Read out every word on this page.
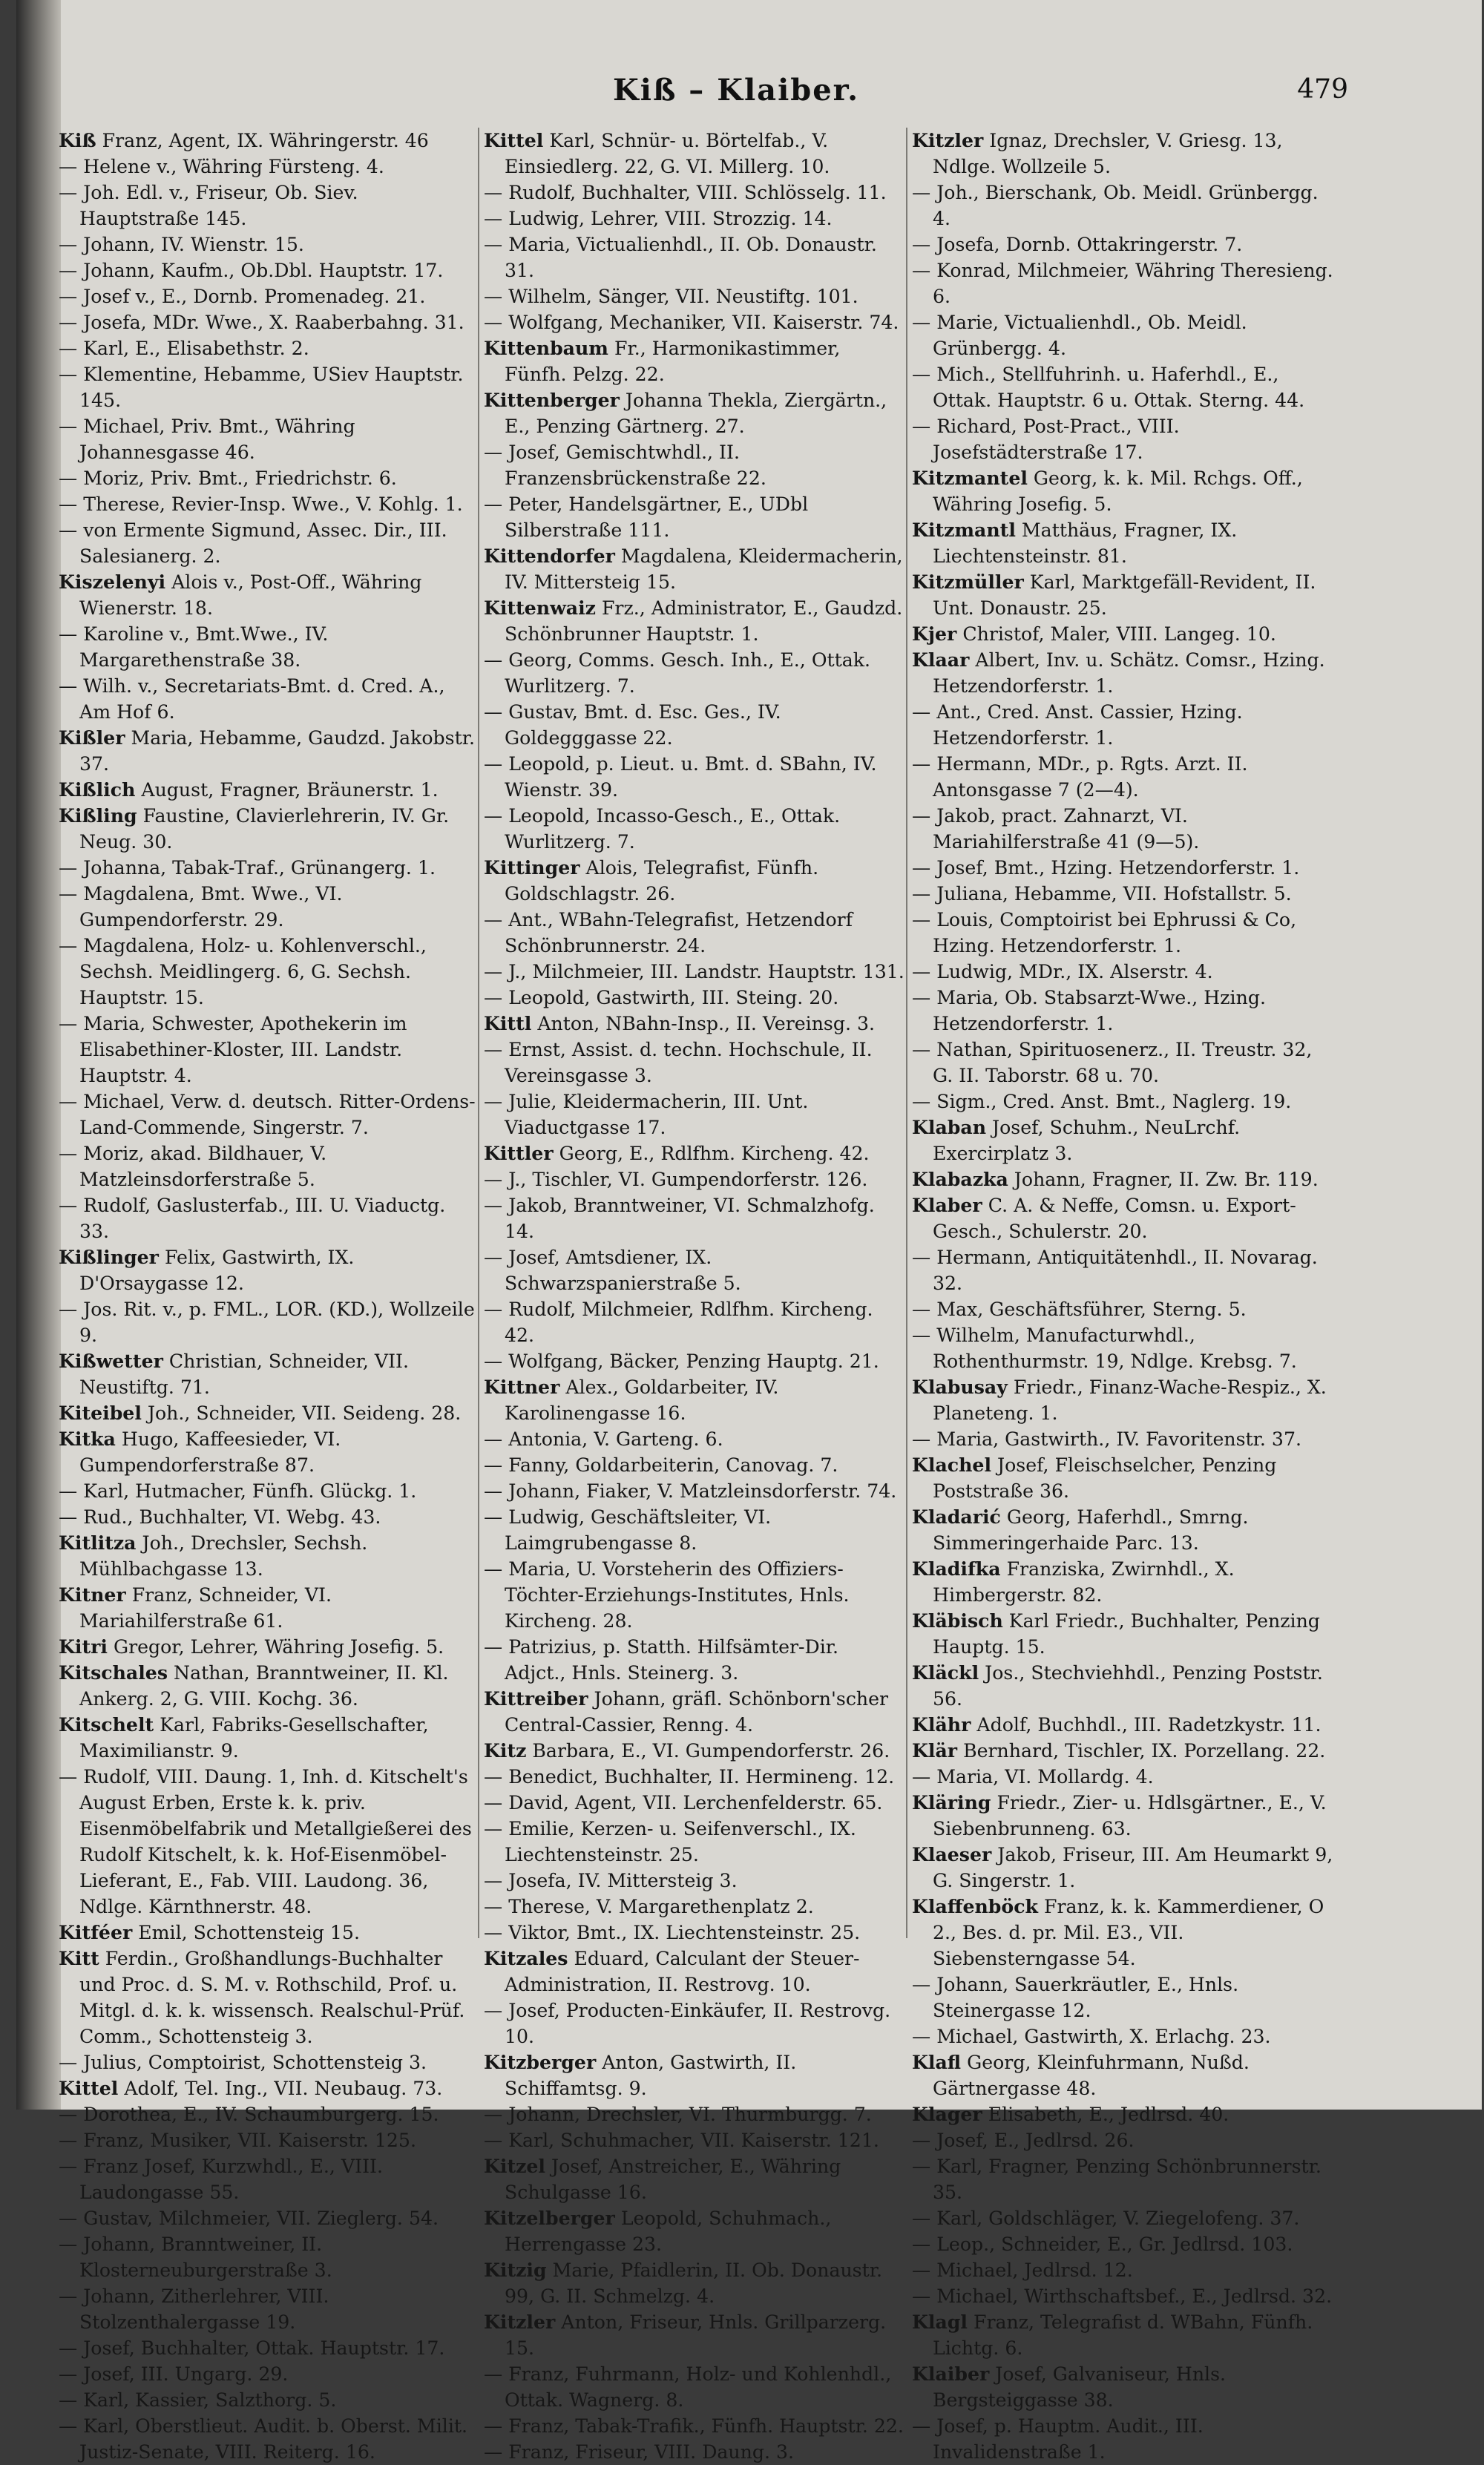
Kiß – Klaiber.	479

Kiß Franz, Agent, IX. Währingerstr. 46

— Helene v., Währing Fürsteng. 4.

— Joh. Edl. v., Friseur, Ob. Siev. Hauptstraße 145.

— Johann, IV. Wienstr. 15.

— Johann, Kaufm., Ob.Dbl. Hauptstr. 17.

— Josef v., E., Dornb. Promenadeg. 21.

— Josefa, MDr. Wwe., X. Raaberbahng. 31.

— Karl, E., Elisabethstr. 2.

— Klementine, Hebamme, USiev Hauptstr. 145.

— Michael, Priv. Bmt., Währing Johannesgasse 46.

— Moriz, Priv. Bmt., Friedrichstr. 6.

— Therese, Revier-Insp. Wwe., V. Kohlg. 1.

— von Ermente Sigmund, Assec. Dir., III. Salesianerg. 2.

Kiszelenyi Alois v., Post-Off., Währing Wienerstr. 18.

— Karoline v., Bmt.Wwe., IV. Margarethenstraße 38.

— Wilh. v., Secretariats-Bmt. d. Cred. A., Am Hof 6.

Kißler Maria, Hebamme, Gaudzd. Jakobstr. 37.

Kißlich August, Fragner, Bräunerstr. 1.

Kißling Faustine, Clavierlehrerin, IV. Gr. Neug. 30.

— Johanna, Tabak-Traf., Grünangerg. 1.

— Magdalena, Bmt. Wwe., VI. Gumpendorferstr. 29.

— Magdalena, Holz- u. Kohlenverschl., Sechsh. Meidlingerg. 6, G. Sechsh. Hauptstr. 15.

— Maria, Schwester, Apothekerin im Elisabethiner-Kloster, III. Landstr. Hauptstr. 4.

— Michael, Verw. d. deutsch. Ritter-Ordens-Land-Commende, Singerstr. 7.

— Moriz, akad. Bildhauer, V. Matzleinsdorferstraße 5.

— Rudolf, Gaslusterfab., III. U. Viaductg. 33.

Kißlinger Felix, Gastwirth, IX. D'Orsaygasse 12.

— Jos. Rit. v., p. FML., LOR. (KD.), Wollzeile 9.

Kißwetter Christian, Schneider, VII. Neustiftg. 71.

Kiteibel Joh., Schneider, VII. Seideng. 28.

Kitka Hugo, Kaffeesieder, VI. Gumpendorferstraße 87.

— Karl, Hutmacher, Fünfh. Glückg. 1.

— Rud., Buchhalter, VI. Webg. 43.

Kitlitza Joh., Drechsler, Sechsh. Mühlbachgasse 13.

Kitner Franz, Schneider, VI. Mariahilferstraße 61.

Kitri Gregor, Lehrer, Währing Josefig. 5.

Kitschales Nathan, Branntweiner, II. Kl. Ankerg. 2, G. VIII. Kochg. 36.

Kitschelt Karl, Fabriks-Gesellschafter, Maximilianstr. 9.

— Rudolf, VIII. Daung. 1, Inh. d. Kitschelt's August Erben, Erste k. k. priv. Eisenmöbelfabrik und Metallgießerei des Rudolf Kitschelt, k. k. Hof-Eisenmöbel-Lieferant, E., Fab. VIII. Laudong. 36, Ndlge. Kärnthnerstr. 48.

Kitféer Emil, Schottensteig 15.

Kitt Ferdin., Großhandlungs-Buchhalter und Proc. d. S. M. v. Rothschild, Prof. u. Mitgl. d. k. k. wissensch. Realschul-Prüf. Comm., Schottensteig 3.

— Julius, Comptoirist, Schottensteig 3.

Kittel Adolf, Tel. Ing., VII. Neubaug. 73.

— Dorothea, E., IV. Schaumburgerg. 15.

— Franz, Musiker, VII. Kaiserstr. 125.

— Franz Josef, Kurzwhdl., E., VIII. Laudongasse 55.

— Gustav, Milchmeier, VII. Zieglerg. 54.

— Johann, Branntweiner, II. Klosterneuburgerstraße 3.

— Johann, Zitherlehrer, VIII. Stolzenthalergasse 19.

— Josef, Buchhalter, Ottak. Hauptstr. 17.

— Josef, III. Ungarg. 29.

— Karl, Kassier, Salzthorg. 5.

— Karl, Oberstlieut. Audit. b. Oberst. Milit. Justiz-Senate, VIII. Reiterg. 16.

Kittel Karl, Schnür- u. Börtelfab., V. Einsiedlerg. 22, G. VI. Millerg. 10.

— Rudolf, Buchhalter, VIII. Schlösselg. 11.

— Ludwig, Lehrer, VIII. Strozzig. 14.

— Maria, Victualienhdl., II. Ob. Donaustr. 31.

— Wilhelm, Sänger, VII. Neustiftg. 101.

— Wolfgang, Mechaniker, VII. Kaiserstr. 74.

Kittenbaum Fr., Harmonikastimmer, Fünfh. Pelzg. 22.

Kittenberger Johanna Thekla, Ziergärtn., E., Penzing Gärtnerg. 27.

— Josef, Gemischtwhdl., II. Franzensbrückenstraße 22.

— Peter, Handelsgärtner, E., UDbl Silberstraße 111.

Kittendorfer Magdalena, Kleidermacherin, IV. Mittersteig 15.

Kittenwaiz Frz., Administrator, E., Gaudzd. Schönbrunner Hauptstr. 1.

— Georg, Comms. Gesch. Inh., E., Ottak. Wurlitzerg. 7.

— Gustav, Bmt. d. Esc. Ges., IV. Goldegggasse 22.

— Leopold, p. Lieut. u. Bmt. d. SBahn, IV. Wienstr. 39.

— Leopold, Incasso-Gesch., E., Ottak. Wurlitzerg. 7.

Kittinger Alois, Telegrafist, Fünfh. Goldschlagstr. 26.

— Ant., WBahn-Telegrafist, Hetzendorf Schönbrunnerstr. 24.

— J., Milchmeier, III. Landstr. Hauptstr. 131.

— Leopold, Gastwirth, III. Steing. 20.

Kittl Anton, NBahn-Insp., II. Vereinsg. 3.

— Ernst, Assist. d. techn. Hochschule, II. Vereinsgasse 3.

— Julie, Kleidermacherin, III. Unt. Viaductgasse 17.

Kittler Georg, E., Rdlfhm. Kircheng. 42.

— J., Tischler, VI. Gumpendorferstr. 126.

— Jakob, Branntweiner, VI. Schmalzhofg. 14.

— Josef, Amtsdiener, IX. Schwarzspanierstraße 5.

— Rudolf, Milchmeier, Rdlfhm. Kircheng. 42.

— Wolfgang, Bäcker, Penzing Hauptg. 21.

Kittner Alex., Goldarbeiter, IV. Karolinengasse 16.

— Antonia, V. Garteng. 6.

— Fanny, Goldarbeiterin, Canovag. 7.

— Johann, Fiaker, V. Matzleinsdorferstr. 74.

— Ludwig, Geschäftsleiter, VI. Laimgrubengasse 8.

— Maria, U. Vorsteherin des Offiziers-Töchter-Erziehungs-Institutes, Hnls. Kircheng. 28.

— Patrizius, p. Statth. Hilfsämter-Dir. Adjct., Hnls. Steinerg. 3.

Kittreiber Johann, gräfl. Schönborn'scher Central-Cassier, Renng. 4.

Kitz Barbara, E., VI. Gumpendorferstr. 26.

— Benedict, Buchhalter, II. Hermineng. 12.

— David, Agent, VII. Lerchenfelderstr. 65.

— Emilie, Kerzen- u. Seifenverschl., IX. Liechtensteinstr. 25.

— Josefa, IV. Mittersteig 3.

— Therese, V. Margarethenplatz 2.

— Viktor, Bmt., IX. Liechtensteinstr. 25.

Kitzales Eduard, Calculant der Steuer-Administration, II. Restrovg. 10.

— Josef, Producten-Einkäufer, II. Restrovg. 10.

Kitzberger Anton, Gastwirth, II. Schiffamtsg. 9.

— Johann, Drechsler, VI. Thurmburgg. 7.

— Karl, Schuhmacher, VII. Kaiserstr. 121.

Kitzel Josef, Anstreicher, E., Währing Schulgasse 16.

Kitzelberger Leopold, Schuhmach., Herrengasse 23.

Kitzig Marie, Pfaidlerin, II. Ob. Donaustr. 99, G. II. Schmelzg. 4.

Kitzler Anton, Friseur, Hnls. Grillparzerg. 15.

— Franz, Fuhrmann, Holz- und Kohlenhdl., Ottak. Wagnerg. 8.

— Franz, Tabak-Trafik., Fünfh. Hauptstr. 22.

— Franz, Friseur, VIII. Daung. 3.

Kitzler Ignaz, Drechsler, V. Griesg. 13, Ndlge. Wollzeile 5.

— Joh., Bierschank, Ob. Meidl. Grünbergg. 4.

— Josefa, Dornb. Ottakringerstr. 7.

— Konrad, Milchmeier, Währing Theresieng. 6.

— Marie, Victualienhdl., Ob. Meidl. Grünbergg. 4.

— Mich., Stellfuhrinh. u. Haferhdl., E., Ottak. Hauptstr. 6 u. Ottak. Sterng. 44.

— Richard, Post-Pract., VIII. Josefstädterstraße 17.

Kitzmantel Georg, k. k. Mil. Rchgs. Off., Währing Josefig. 5.

Kitzmantl Matthäus, Fragner, IX. Liechtensteinstr. 81.

Kitzmüller Karl, Marktgefäll-Revident, II. Unt. Donaustr. 25.

Kjer Christof, Maler, VIII. Langeg. 10.

Klaar Albert, Inv. u. Schätz. Comsr., Hzing. Hetzendorferstr. 1.

— Ant., Cred. Anst. Cassier, Hzing. Hetzendorferstr. 1.

— Hermann, MDr., p. Rgts. Arzt. II. Antonsgasse 7 (2—4).

— Jakob, pract. Zahnarzt, VI. Mariahilferstraße 41 (9—5).

— Josef, Bmt., Hzing. Hetzendorferstr. 1.

— Juliana, Hebamme, VII. Hofstallstr. 5.

— Louis, Comptoirist bei Ephrussi & Co, Hzing. Hetzendorferstr. 1.

— Ludwig, MDr., IX. Alserstr. 4.

— Maria, Ob. Stabsarzt-Wwe., Hzing. Hetzendorferstr. 1.

— Nathan, Spirituosenerz., II. Treustr. 32, G. II. Taborstr. 68 u. 70.

— Sigm., Cred. Anst. Bmt., Naglerg. 19.

Klaban Josef, Schuhm., NeuLrchf. Exercirplatz 3.

Klabazka Johann, Fragner, II. Zw. Br. 119.

Klaber C. A. & Neffe, Comsn. u. Export-Gesch., Schulerstr. 20.

— Hermann, Antiquitätenhdl., II. Novarag. 32.

— Max, Geschäftsführer, Sterng. 5.

— Wilhelm, Manufacturwhdl., Rothenthurmstr. 19, Ndlge. Krebsg. 7.

Klabusay Friedr., Finanz-Wache-Respiz., X. Planeteng. 1.

— Maria, Gastwirth., IV. Favoritenstr. 37.

Klachel Josef, Fleischselcher, Penzing Poststraße 36.

Kladarić Georg, Haferhdl., Smrng. Simmeringerhaide Parc. 13.

Kladifka Franziska, Zwirnhdl., X. Himbergerstr. 82.

Kläbisch Karl Friedr., Buchhalter, Penzing Hauptg. 15.

Kläckl Jos., Stechviehhdl., Penzing Poststr. 56.

Klähr Adolf, Buchhdl., III. Radetzkystr. 11.

Klär Bernhard, Tischler, IX. Porzellang. 22.

— Maria, VI. Mollardg. 4.

Kläring Friedr., Zier- u. Hdlsgärtner., E., V. Siebenbrunneng. 63.

Klaeser Jakob, Friseur, III. Am Heumarkt 9, G. Singerstr. 1.

Klaffenböck Franz, k. k. Kammerdiener, O 2., Bes. d. pr. Mil. E3., VII. Siebensterngasse 54.

— Johann, Sauerkräutler, E., Hnls. Steinergasse 12.

— Michael, Gastwirth, X. Erlachg. 23.

Klafl Georg, Kleinfuhrmann, Nußd. Gärtnergasse 48.

Klager Elisabeth, E., Jedlrsd. 40.

— Josef, E., Jedlrsd. 26.

— Karl, Fragner, Penzing Schönbrunnerstr. 35.

— Karl, Goldschläger, V. Ziegelofeng. 37.

— Leop., Schneider, E., Gr. Jedlrsd. 103.

— Michael, Jedlrsd. 12.

— Michael, Wirthschaftsbef., E., Jedlrsd. 32.

Klagl Franz, Telegrafist d. WBahn, Fünfh. Lichtg. 6.

Klaiber Josef, Galvaniseur, Hnls. Bergsteiggasse 38.

— Josef, p. Hauptm. Audit., III. Invalidenstraße 1.
